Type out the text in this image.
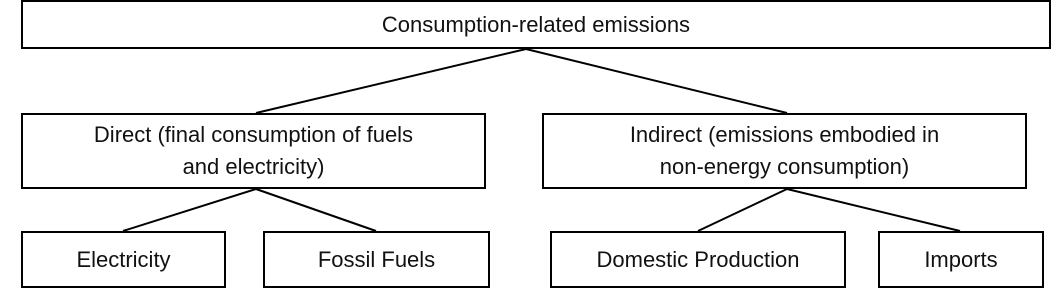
Consumption-related emissions
Direct (final consumption of fuels
and electricity)
Indirect (emissions embodied in
non-energy consumption)
Electricity	Fossil Fuels	Domestic Production	Imports
